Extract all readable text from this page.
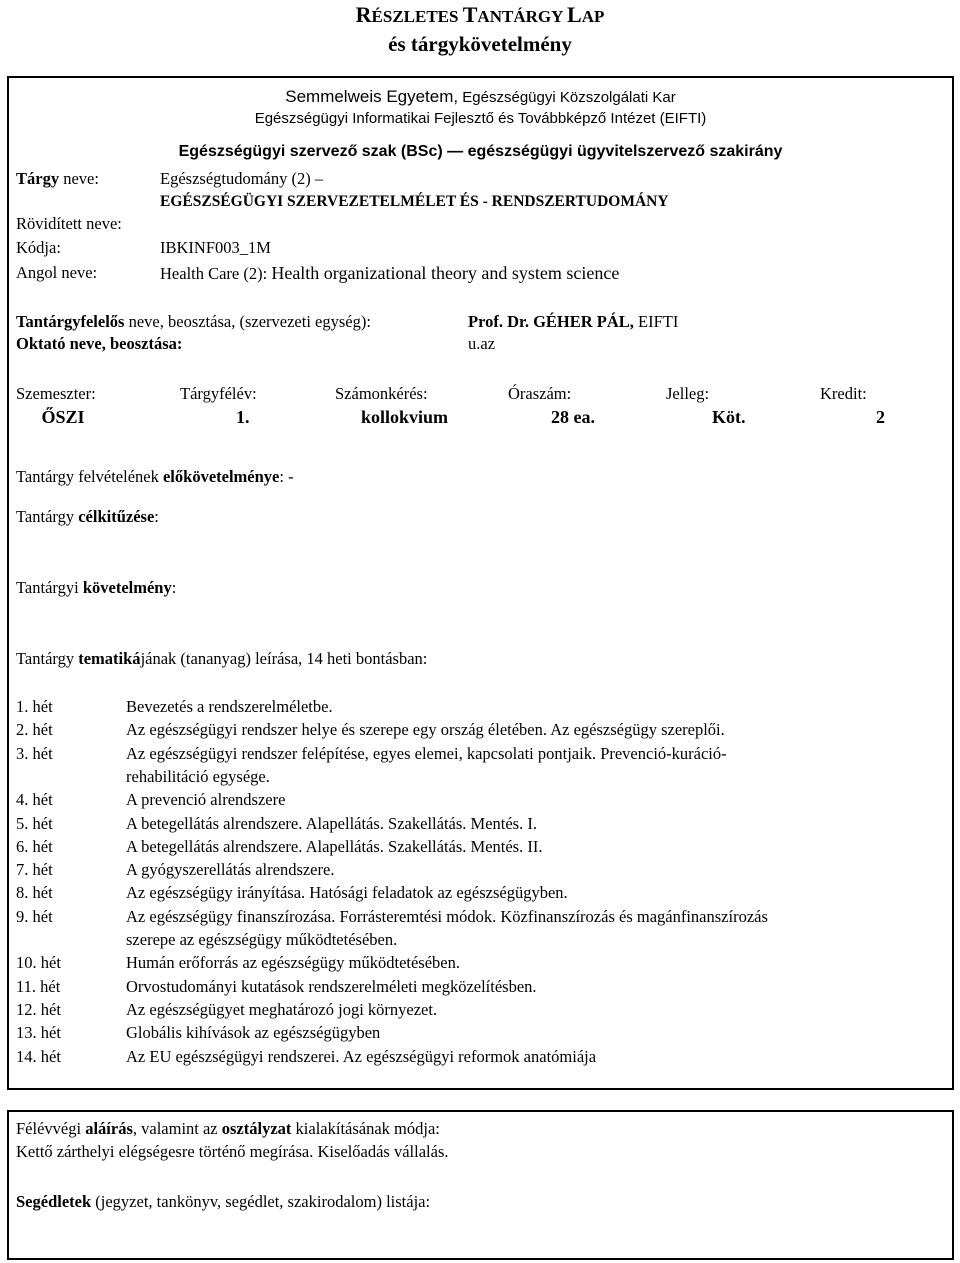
RÉSZLETES TANTÁRGY LAP
és tárgykövetelmény
Semmelweis Egyetem, Egészségügyi Közszolgálati Kar
Egészségügyi Informatikai Fejlesztő és Továbbképző Intézet (EIFTI)
Egészségügyi szervező szak (BSc) — egészségügyi ügyvitelszervező szakirány
Tárgy neve:	Egészségtudomány (2) –
EGÉSZSÉGÜGYI SZERVEZETELMÉLET ÉS - RENDSZERTUDOMÁNY
Rövidített neve:
Kódja:	IBKINF003_1M
Angol neve:	Health Care (2): Health organizational theory and system science
Tantárgyfelelős neve, beosztása, (szervezeti egység):	Prof. Dr. GÉHER PÁL, EIFTI
Oktató neve, beosztása:	u.az
Szemeszter:
ŐSZI
Tárgyfélév:
1.
Számonkérés:
kollokvium
Óraszám:
28 ea.
Jelleg:
Köt.
Kredit:
2
Tantárgy felvételének előkövetelménye: -
Tantárgy célkitűzése:
Tantárgyi követelmény:
Tantárgy tematikájának (tananyag) leírása, 14 heti bontásban:
1. hét	Bevezetés a rendszerelméletbe.
2. hét	Az egészségügyi rendszer helye és szerepe egy ország életében. Az egészségügy szereplői.
3. hét	Az egészségügyi rendszer felépítése, egyes elemei, kapcsolati pontjaik. Prevenció-kuráció-
rehabilitáció egysége.
4. hét	A prevenció alrendszere
5. hét	A betegellátás alrendszere. Alapellátás. Szakellátás. Mentés. I.
6. hét	A betegellátás alrendszere. Alapellátás. Szakellátás. Mentés. II.
7. hét	A gyógyszerellátás alrendszere.
8. hét	Az egészségügy irányítása. Hatósági feladatok az egészségügyben.
9. hét	Az egészségügy finanszírozása. Forrásteremtési módok. Közfinanszírozás és magánfinanszírozás
szerepe az egészségügy működtetésében.
10. hét	Humán erőforrás az egészségügy működtetésében.
11. hét	Orvostudományi kutatások rendszerelméleti megközelítésben.
12. hét	Az egészségügyet meghatározó jogi környezet.
13. hét	Globális kihívások az egészségügyben
14. hét	Az EU egészségügyi rendszerei. Az egészségügyi reformok anatómiája
Félévvégi aláírás, valamint az osztályzat kialakításának módja:
Kettő zárthelyi elégségesre történő megírása. Kiselőadás vállalás.
Segédletek (jegyzet, tankönyv, segédlet, szakirodalom) listája:
